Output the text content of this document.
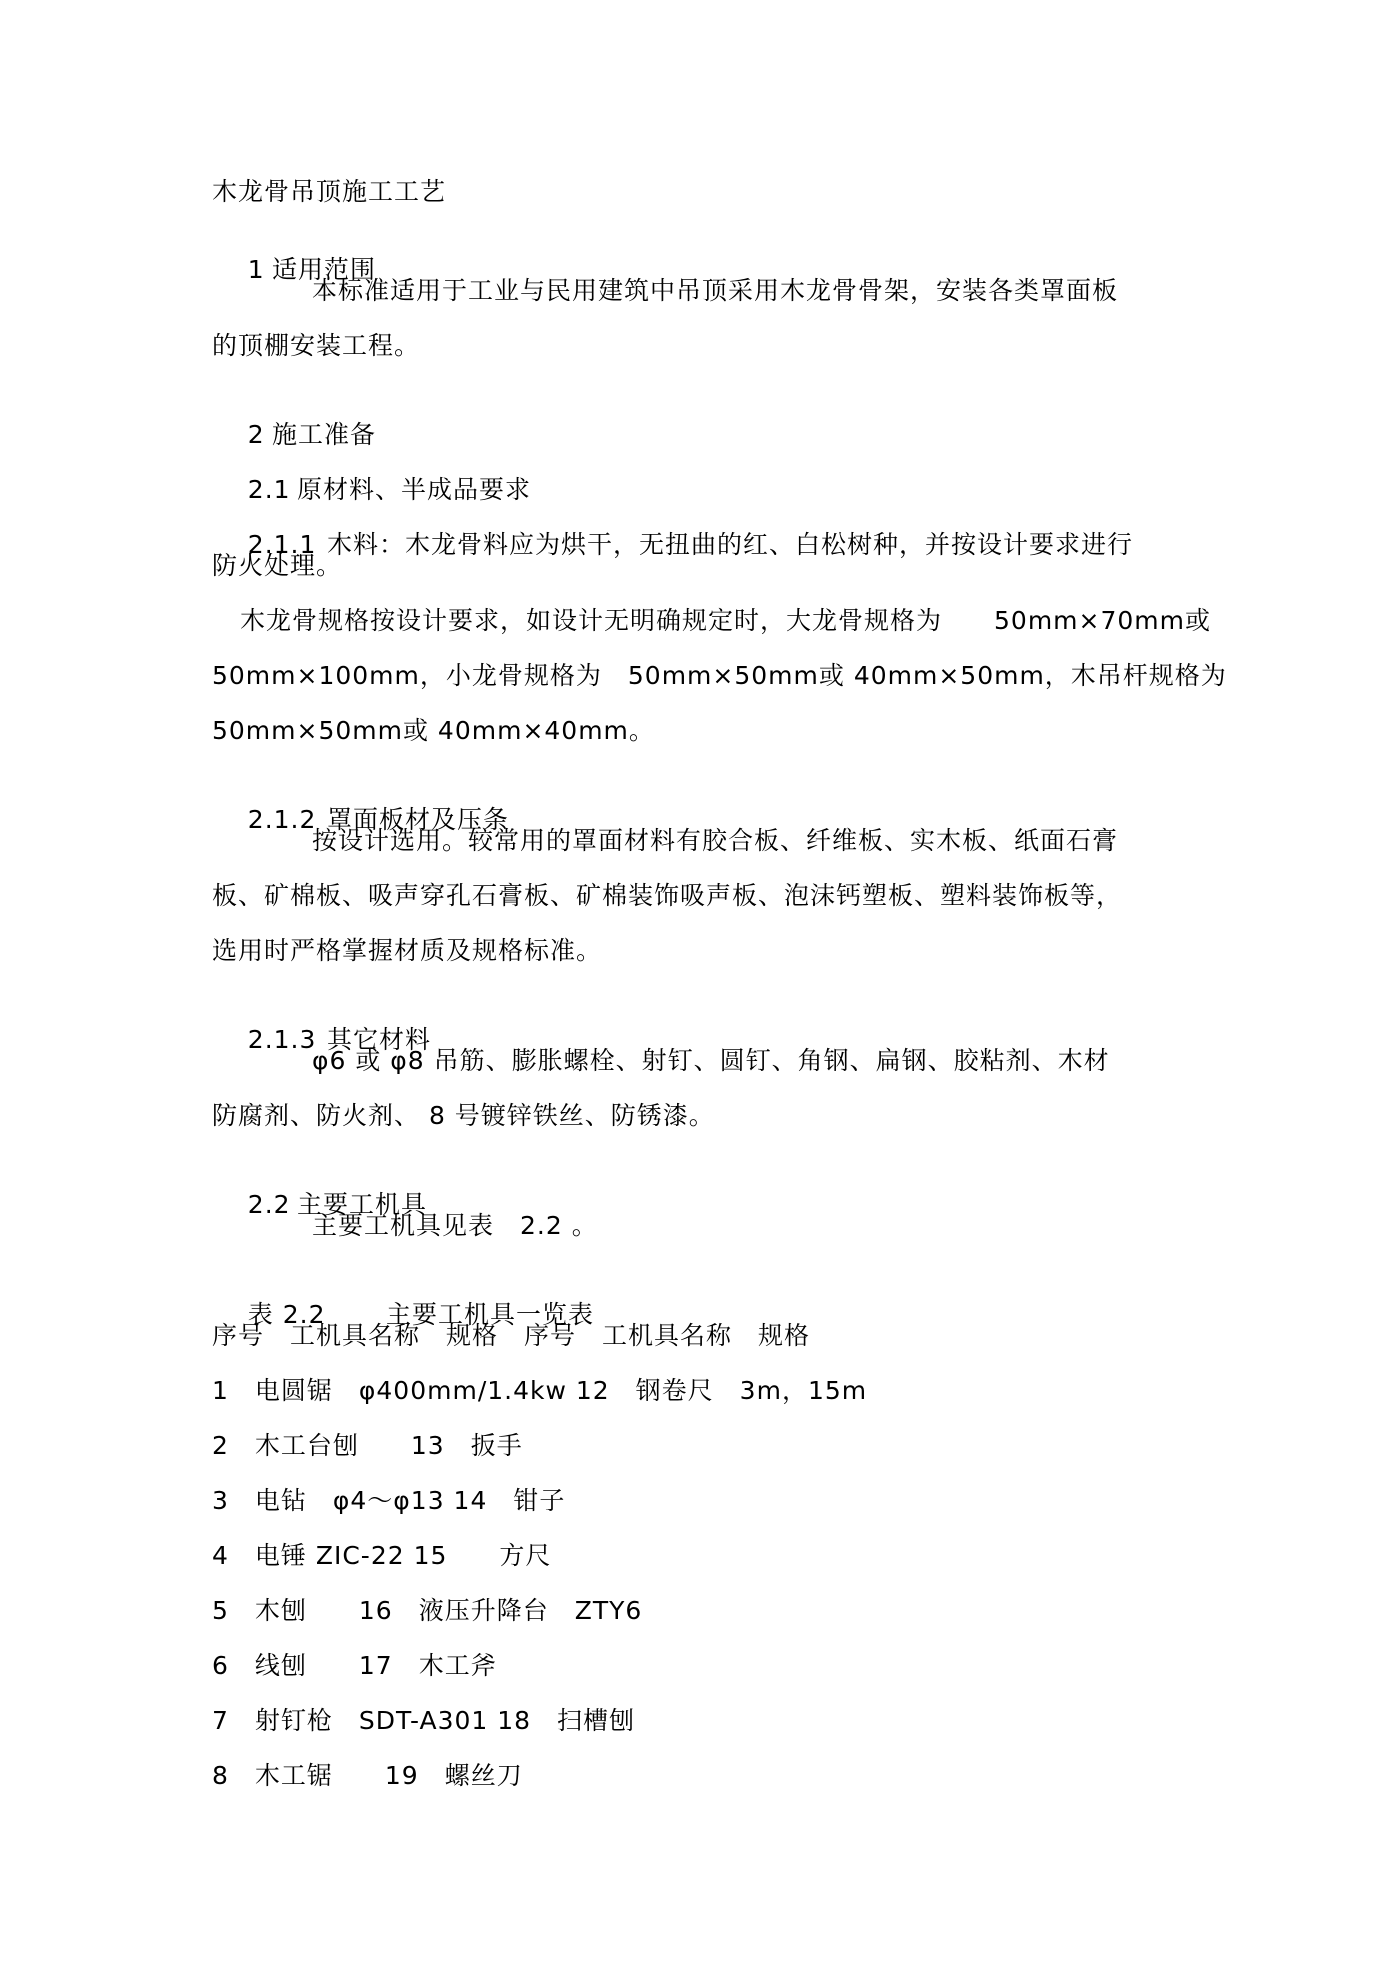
木龙骨吊顶施工工艺

1 适用范围

本标准适用于工业与民用建筑中吊顶采用木龙骨骨架，安装各类罩面板
的顶棚安装工程。

2 施工准备

2.1 原材料、半成品要求

2.1.1 木料：木龙骨料应为烘干，无扭曲的红、白松树种，并按设计要求进行

防火处理。
木龙骨规格按设计要求，如设计无明确规定时，大龙骨规格为　　50mm×70mm或
50mm×100mm，小龙骨规格为　50mm×50mm或 40mm×50mm，木吊杆规格为
50mm×50mm或 40mm×40mm。

2.1.2 罩面板材及压条

按设计选用。较常用的罩面材料有胶合板、纤维板、实木板、纸面石膏
板、矿棉板、吸声穿孔石膏板、矿棉装饰吸声板、泡沫钙塑板、塑料装饰板等，
选用时严格掌握材质及规格标准。

2.1.3 其它材料

φ6 或 φ8 吊筋、膨胀螺栓、射钉、圆钉、角钢、扁钢、胶粘剂、木材
防腐剂、防火剂、 8 号镀锌铁丝、防锈漆。

2.2 主要工机具

主要工机具见表　2.2 。

表 2.2 主要工机具一览表

序号　工机具名称　规格　序号　工机具名称　规格
1　电圆锯　φ400mm/1.4kw 12　钢卷尺　3m，15m
2　木工台刨　　13　扳手
3　电钻　φ4～φ13 14　钳子
4　电锤 ZIC-22 15　　方尺
5　木刨　　16　液压升降台　ZTY6
6　线刨　　17　木工斧
7　射钉枪　SDT-A301 18　扫槽刨
8　木工锯　　19　螺丝刀
